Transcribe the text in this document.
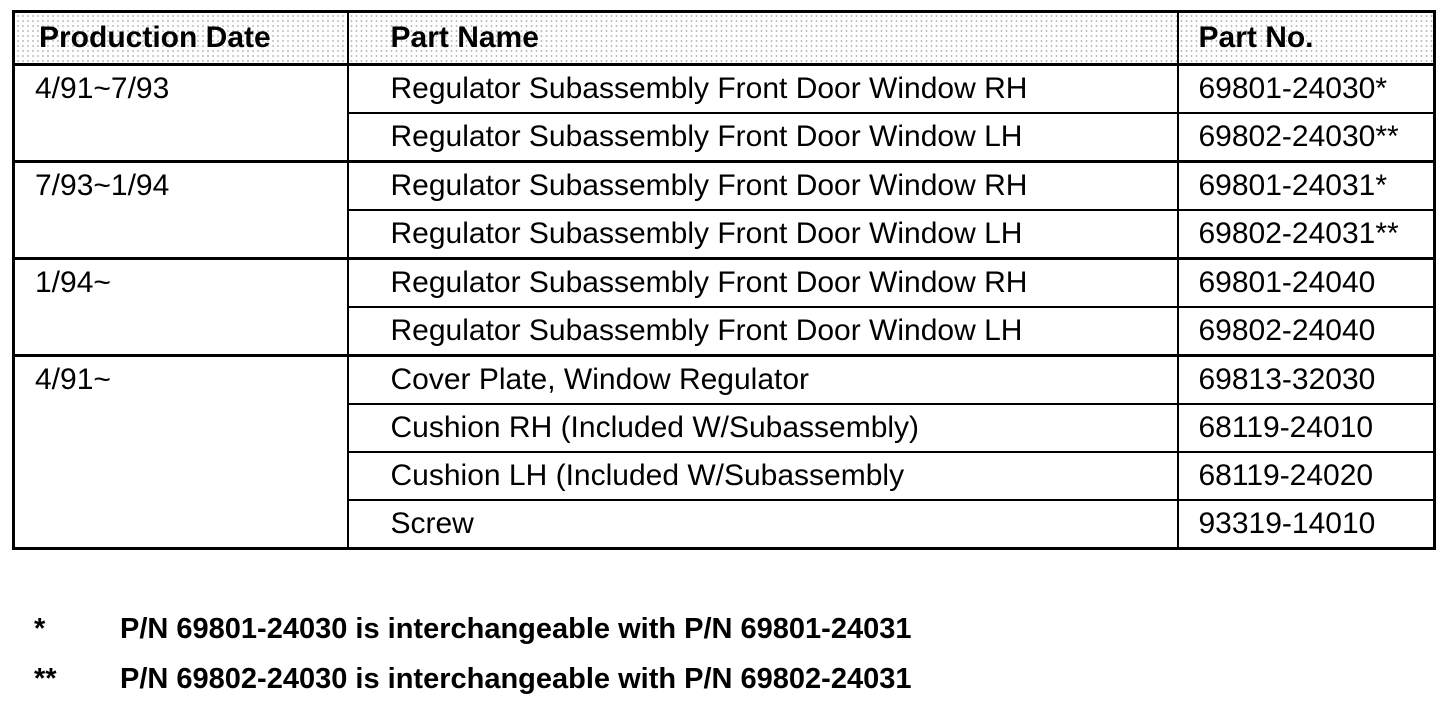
Production Date	Part Name	Part No.
4/91~7/93	Regulator Subassembly Front Door Window RH	69801-24030*
	Regulator Subassembly Front Door Window LH	69802-24030**
7/93~1/94	Regulator Subassembly Front Door Window RH	69801-24031*
	Regulator Subassembly Front Door Window LH	69802-24031**
1/94~	Regulator Subassembly Front Door Window RH	69801-24040
	Regulator Subassembly Front Door Window LH	69802-24040
4/91~	Cover Plate, Window Regulator	69813-32030
	Cushion RH (Included W/Subassembly)	68119-24010
	Cushion LH (Included W/Subassembly	68119-24020
	Screw	93319-14010
*	P/N 69801-24030 is interchangeable with P/N 69801-24031
** P/N 69802-24030 is interchangeable with P/N 69802-24031
